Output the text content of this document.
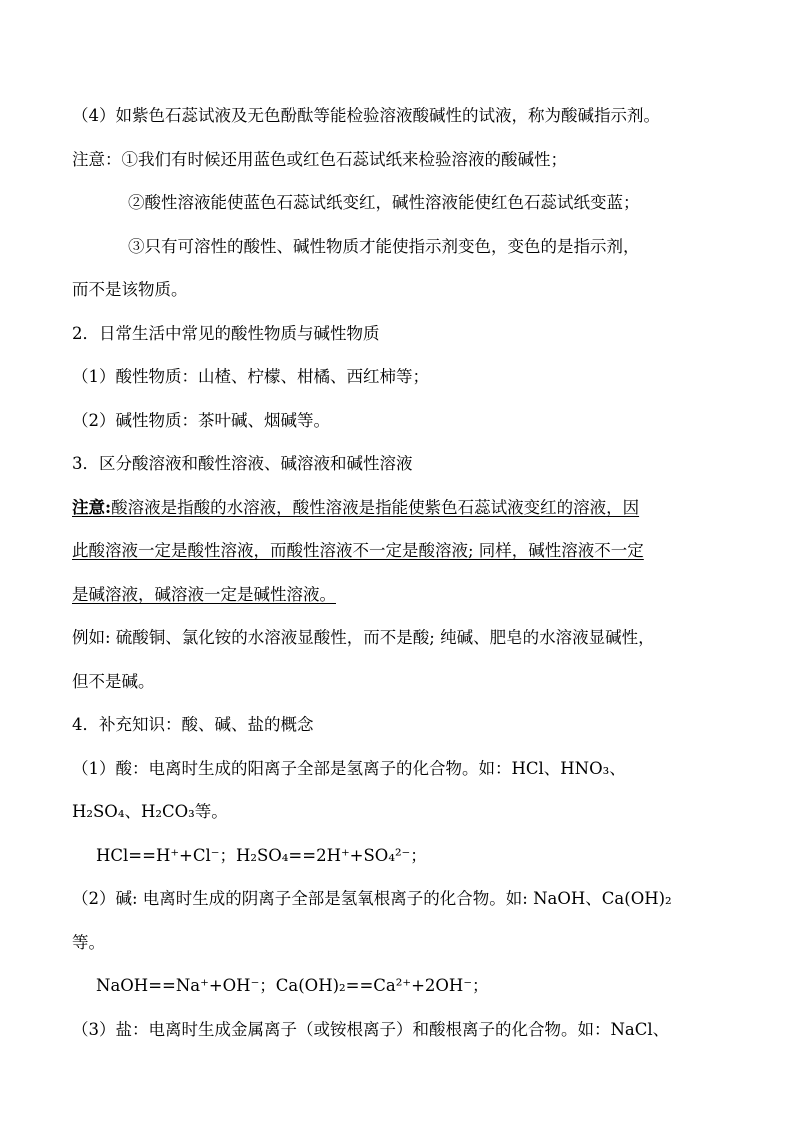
（4）如紫色石蕊试液及无色酚酞等能检验溶液酸碱性的试液，称为酸碱指示剂。
注意：①我们有时候还用蓝色或红色石蕊试纸来检验溶液的酸碱性；
②酸性溶液能使蓝色石蕊试纸变红，碱性溶液能使红色石蕊试纸变蓝；
③只有可溶性的酸性、碱性物质才能使指示剂变色，变色的是指示剂，
而不是该物质。
2．日常生活中常见的酸性物质与碱性物质
（1）酸性物质：山楂、柠檬、柑橘、西红柿等；
（2）碱性物质：茶叶碱、烟碱等。
3．区分酸溶液和酸性溶液、碱溶液和碱性溶液
注意:酸溶液是指酸的水溶液，酸性溶液是指能使紫色石蕊试液变红的溶液，因
此酸溶液一定是酸性溶液，而酸性溶液不一定是酸溶液; 同样，碱性溶液不一定
是碱溶液，碱溶液一定是碱性溶液。
例如: 硫酸铜、氯化铵的水溶液显酸性，而不是酸; 纯碱、肥皂的水溶液显碱性，
但不是碱。
4．补充知识：酸、碱、盐的概念
（1）酸：电离时生成的阳离子全部是氢离子的化合物。如：HCl、HNO₃、
H₂SO₄、H₂CO₃等。
HCl==H⁺+Cl⁻；H₂SO₄==2H⁺+SO₄²⁻；
（2）碱: 电离时生成的阴离子全部是氢氧根离子的化合物。如: NaOH、Ca(OH)₂
等。
NaOH==Na⁺+OH⁻；Ca(OH)₂==Ca²⁺+2OH⁻；
（3）盐：电离时生成金属离子（或铵根离子）和酸根离子的化合物。如：NaCl、
